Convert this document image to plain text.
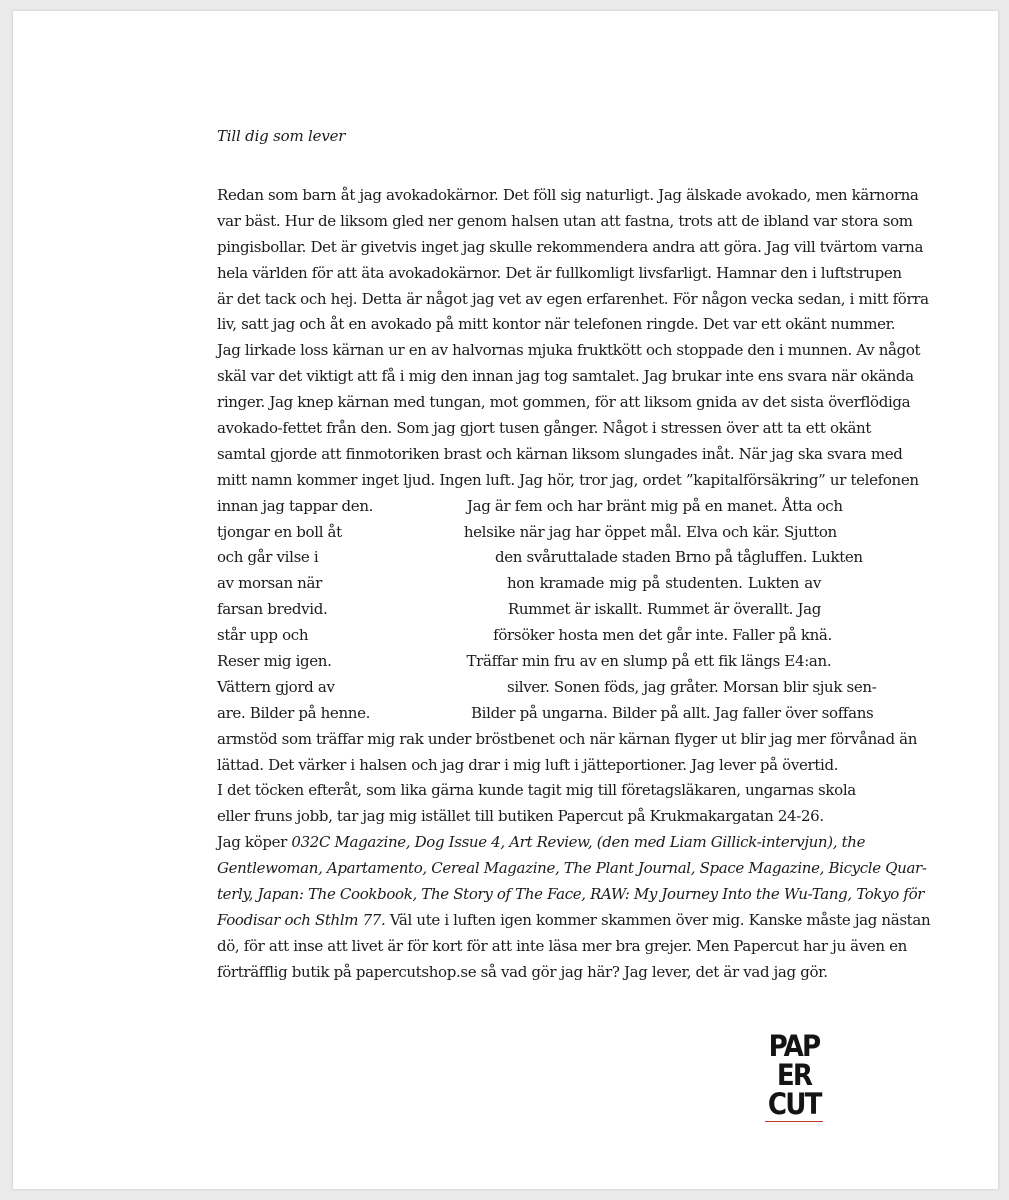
Till dig som lever
Redan som barn åt jag avokadokärnor. Det föll sig naturligt. Jag älskade avokado, men kärnorna
var bäst. Hur de liksom gled ner genom halsen utan att fastna, trots att de ibland var stora som
pingisbollar. Det är givetvis inget jag skulle rekommendera andra att göra. Jag vill tvärtom varna
hela världen för att äta avokadokärnor. Det är fullkomligt livsfarligt. Hamnar den i luftstrupen
är det tack och hej. Detta är något jag vet av egen erfarenhet. För någon vecka sedan, i mitt förra
liv, satt jag och åt en avokado på mitt kontor när telefonen ringde. Det var ett okänt nummer.
Jag lirkade loss kärnan ur en av halvornas mjuka fruktkött och stoppade den i munnen. Av något
skäl var det viktigt att få i mig den innan jag tog samtalet. Jag brukar inte ens svara när okända
ringer. Jag knep kärnan med tungan, mot gommen, för att liksom gnida av det sista överflödiga
avokado-fettet från den. Som jag gjort tusen gånger. Något i stressen över att ta ett okänt
samtal gjorde att finmotoriken brast och kärnan liksom slungades inåt. När jag ska svara med
mitt namn kommer inget ljud. Ingen luft. Jag hör, tror jag, ordet ”kapitalförsäkring” ur telefonen
innan jag tappar den.	Jag är fem och har bränt mig på en manet. Åtta och
tjongar en boll åt	helsike när jag har öppet mål. Elva och kär. Sjutton
och går vilse i	den svåruttalade staden Brno på tågluffen. Lukten
av morsan när	hon kramade mig på studenten. Lukten av
farsan bredvid.	Rummet är iskallt. Rummet är överallt. Jag
står upp och	försöker hosta men det går inte. Faller på knä.
Reser mig igen.	Träffar min fru av en slump på ett fik längs E4:an.
Vättern gjord av	silver. Sonen föds, jag gråter. Morsan blir sjuk sen-
are. Bilder på henne.	Bilder på ungarna. Bilder på allt. Jag faller över soffans
armstöd som träffar mig rak under bröstbenet och när kärnan flyger ut blir jag mer förvånad än
lättad. Det värker i halsen och jag drar i mig luft i jätteportioner. Jag lever på övertid.
I det töcken efteråt, som lika gärna kunde tagit mig till företagsläkaren, ungarnas skola
eller fruns jobb, tar jag mig istället till butiken Papercut på Krukmakargatan 24-26.
Jag köper 032C Magazine, Dog Issue 4, Art Review, (den med Liam Gillick-intervjun), the
Gentlewoman, Apartamento, Cereal Magazine, The Plant Journal, Space Magazine, Bicycle Quar-
terly, Japan: The Cookbook, The Story of The Face, RAW: My Journey Into the Wu-Tang, Tokyo för
Foodisar och Sthlm 77. Väl ute i luften igen kommer skammen över mig. Kanske måste jag nästan
dö, för att inse att livet är för kort för att inte läsa mer bra grejer. Men Papercut har ju även en
förträfflig butik på papercutshop.se så vad gör jag här? Jag lever, det är vad jag gör.
PAP
ER
CUT
